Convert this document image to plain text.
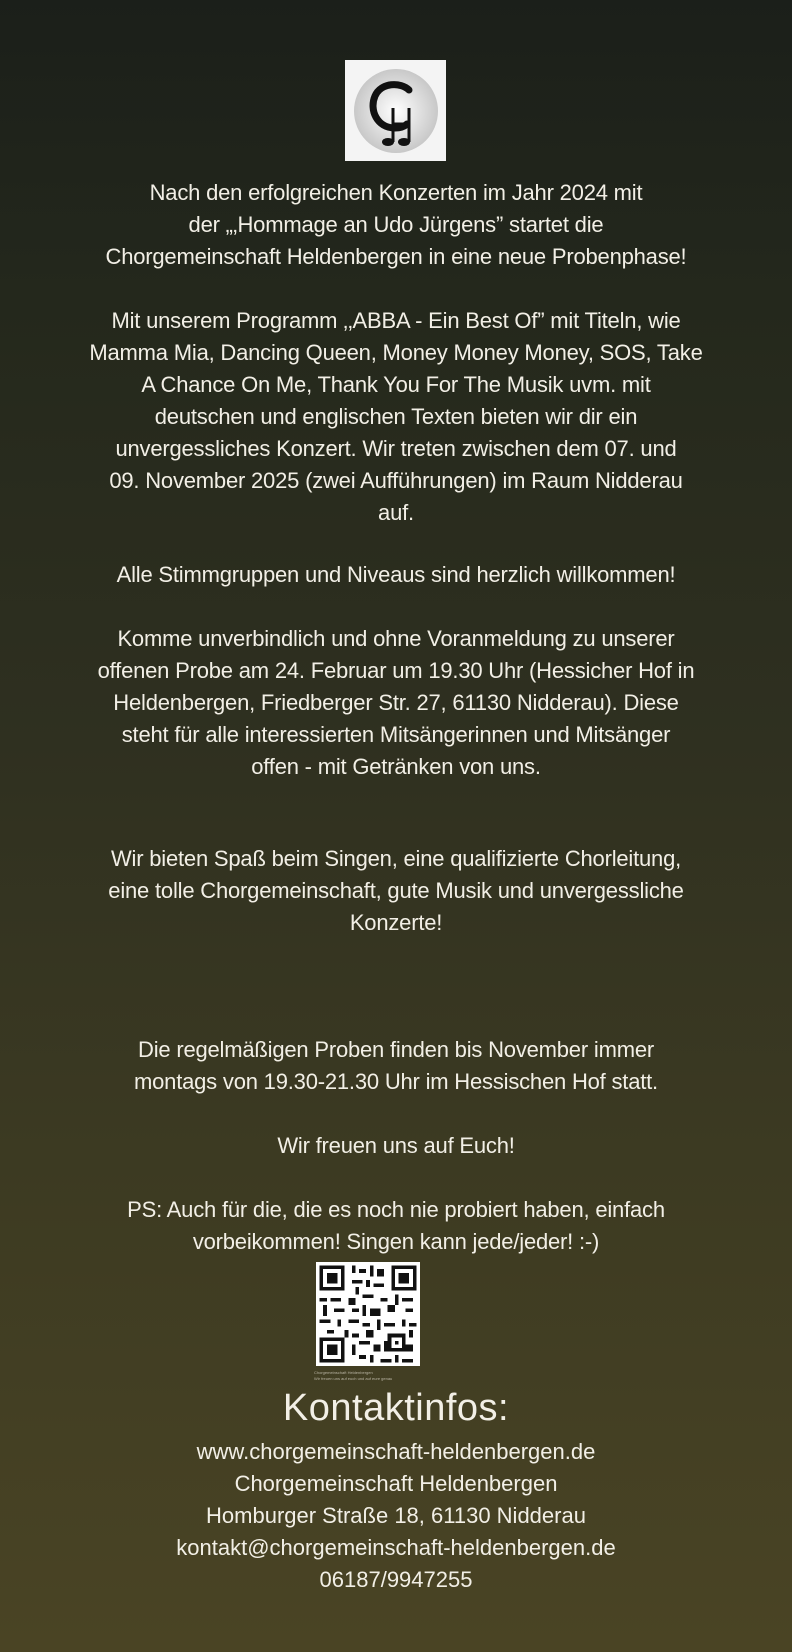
Nach den erfolgreichen Konzerten im Jahr 2024 mit

der „‚Hommage an Udo Jürgens” startet die

Chorgemeinschaft Heldenbergen in eine neue Probenphase!

Mit unserem Programm ‚‚ABBA - Ein Best Of” mit Titeln, wie

Mamma Mia, Dancing Queen, Money Money Money, SOS, Take

A Chance On Me, Thank You For The Musik uvm. mit

deutschen und englischen Texten bieten wir dir ein

unvergessliches Konzert. Wir treten zwischen dem 07. und

09. November 2025 (zwei Aufführungen) im Raum Nidderau

auf.

Alle Stimmgruppen und Niveaus sind herzlich willkommen!

Komme unverbindlich und ohne Voranmeldung zu unserer

offenen Probe am 24. Februar um 19.30 Uhr (Hessicher Hof in

Heldenbergen, Friedberger Str. 27, 61130 Nidderau). Diese

steht für alle interessierten Mitsängerinnen und Mitsänger

offen - mit Getränken von uns.

Wir bieten Spaß beim Singen, eine qualifizierte Chorleitung,

eine tolle Chorgemeinschaft, gute Musik und unvergessliche

Konzerte!

Die regelmäßigen Proben finden bis November immer

montags von 19.30-21.30 Uhr im Hessischen Hof statt.

Wir freuen uns auf Euch!

PS: Auch für die, die es noch nie probiert haben, einfach

vorbeikommen! Singen kann jede/jeder! :-)

Chorgemeinschaft Heldenbergen
Wir freuen uns auf euch und auf eure genau
Kontaktinfos:
www.chorgemeinschaft-heldenbergen.de
Chorgemeinschaft Heldenbergen
Homburger Straße 18, 61130 Nidderau
kontakt@chorgemeinschaft-heldenbergen.de
06187/9947255
